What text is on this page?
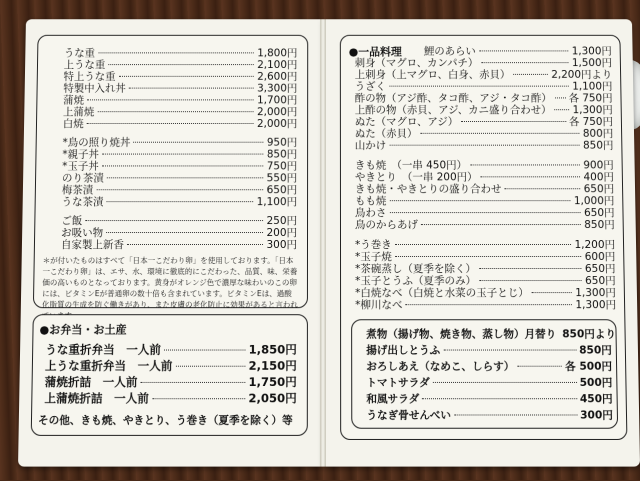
うな重	1,800円
上うな重	2,100円
特上うな重	2,600円
特製中入れ丼	3,300円
蒲焼	1,700円
上蒲焼	2,000円
白焼	2,000円
*鳥の照り焼丼	950円
*親子丼	850円
*玉子丼	750円
のり茶漬	550円
梅茶漬	650円
うな茶漬	1,100円
ご飯	250円
お吸い物	200円
自家製上新香	300円
＊が付いたものはすべて「日本一こだわり卵」を使用しております。「日本一こだわり卵」は、エサ、水、環境に徹底的にこだわった、品質、味、栄養価の高いものとなっております。黄身がオレンジ色で濃厚な味わいのこの卵には、ビタミンEが普通卵の数十倍も含まれています。ビタミンEは、過酸化脂質の生成を防ぐ働きがあり、また皮膚の老化防止に効果があると言われています。
●お弁当・お土産
うな重折弁当　一人前	1,850円
上うな重折弁当　一人前	2,150円
蒲焼折詰　一人前	1,750円
上蒲焼折詰　一人前	2,050円
その他、きも焼、やきとり、う巻き（夏季を除く）等
●一品料理 鯉のあらい	1,300円
刺身（マグロ、カンパチ）	1,500円
上刺身（上マグロ、白身、赤貝）	2,200円より
うざく	1,100円
酢の物（アジ酢、タコ酢、アジ・タコ酢） 各 750円
上酢の物（赤貝、アジ、カニ盛り合わせ） 1,300円
ぬた（マグロ、アジ）	各 750円
ぬた（赤貝）	800円
山かけ	850円
きも焼　（一串 450円）	900円
やきとり　（一串 200円）	400円
きも焼・やきとりの盛り合わせ	650円
もも焼	1,000円
鳥わさ	650円
鳥のからあげ	850円
*う巻き	1,200円
*玉子焼	600円
*茶碗蒸し（夏季を除く）	650円
*玉子とうふ（夏季のみ）	650円
*白焼なべ（白焼と水菜の玉子とじ）	1,300円
*柳川なべ	1,300円
煮物（揚げ物、焼き物、蒸し物）月替り 850円より
揚げ出しとうふ	850円
おろしあえ（なめこ、しらす）	各 500円
トマトサラダ	500円
和風サラダ	450円
うなぎ骨せんべい	300円
